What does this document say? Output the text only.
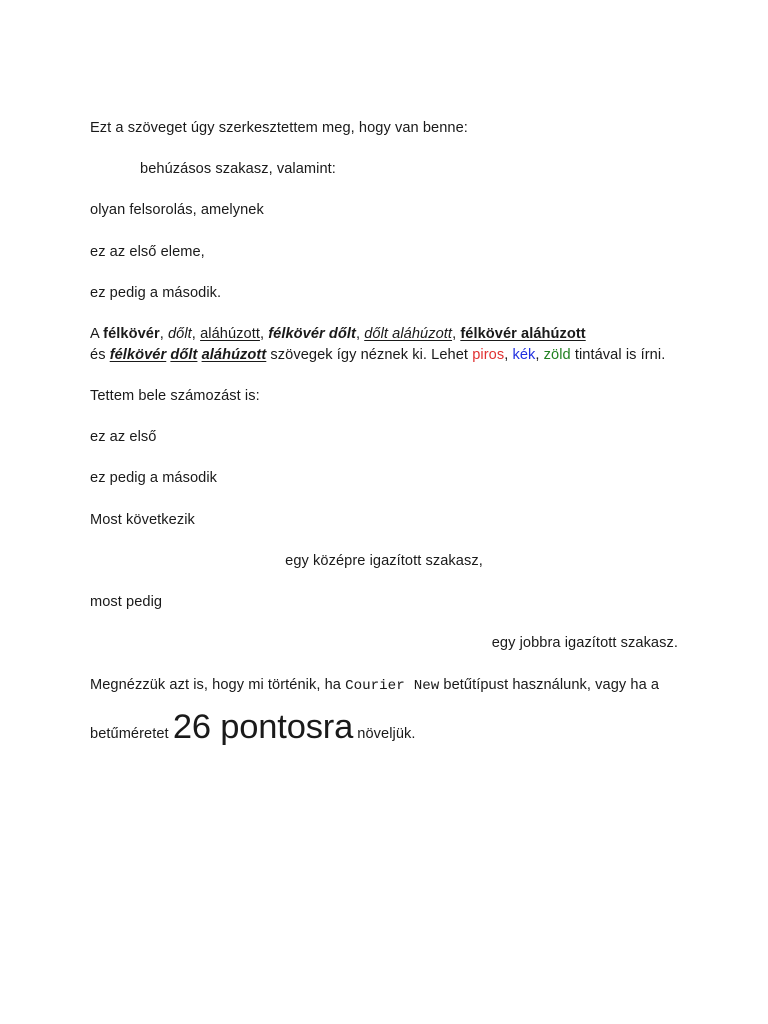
Ezt a szöveget úgy szerkesztettem meg, hogy van benne:

behúzásos szakasz, valamint:

olyan felsorolás, amelynek

ez az első eleme,

ez pedig a második.

A félkövér, dőlt, aláhúzott, félkövér dőlt, dőlt aláhúzott, félkövér aláhúzott

és félkövér dőlt aláhúzott szövegek így néznek ki. Lehet piros, kék, zöld tintával is írni.

Tettem bele számozást is:

ez az első

ez pedig a második

Most következik

egy középre igazított szakasz,

most pedig

egy jobbra igazított szakasz.

Megnézzük azt is, hogy mi történik, ha Courier New betűtípust használunk, vagy ha a

betűméretet 26 pontosra növeljük.
